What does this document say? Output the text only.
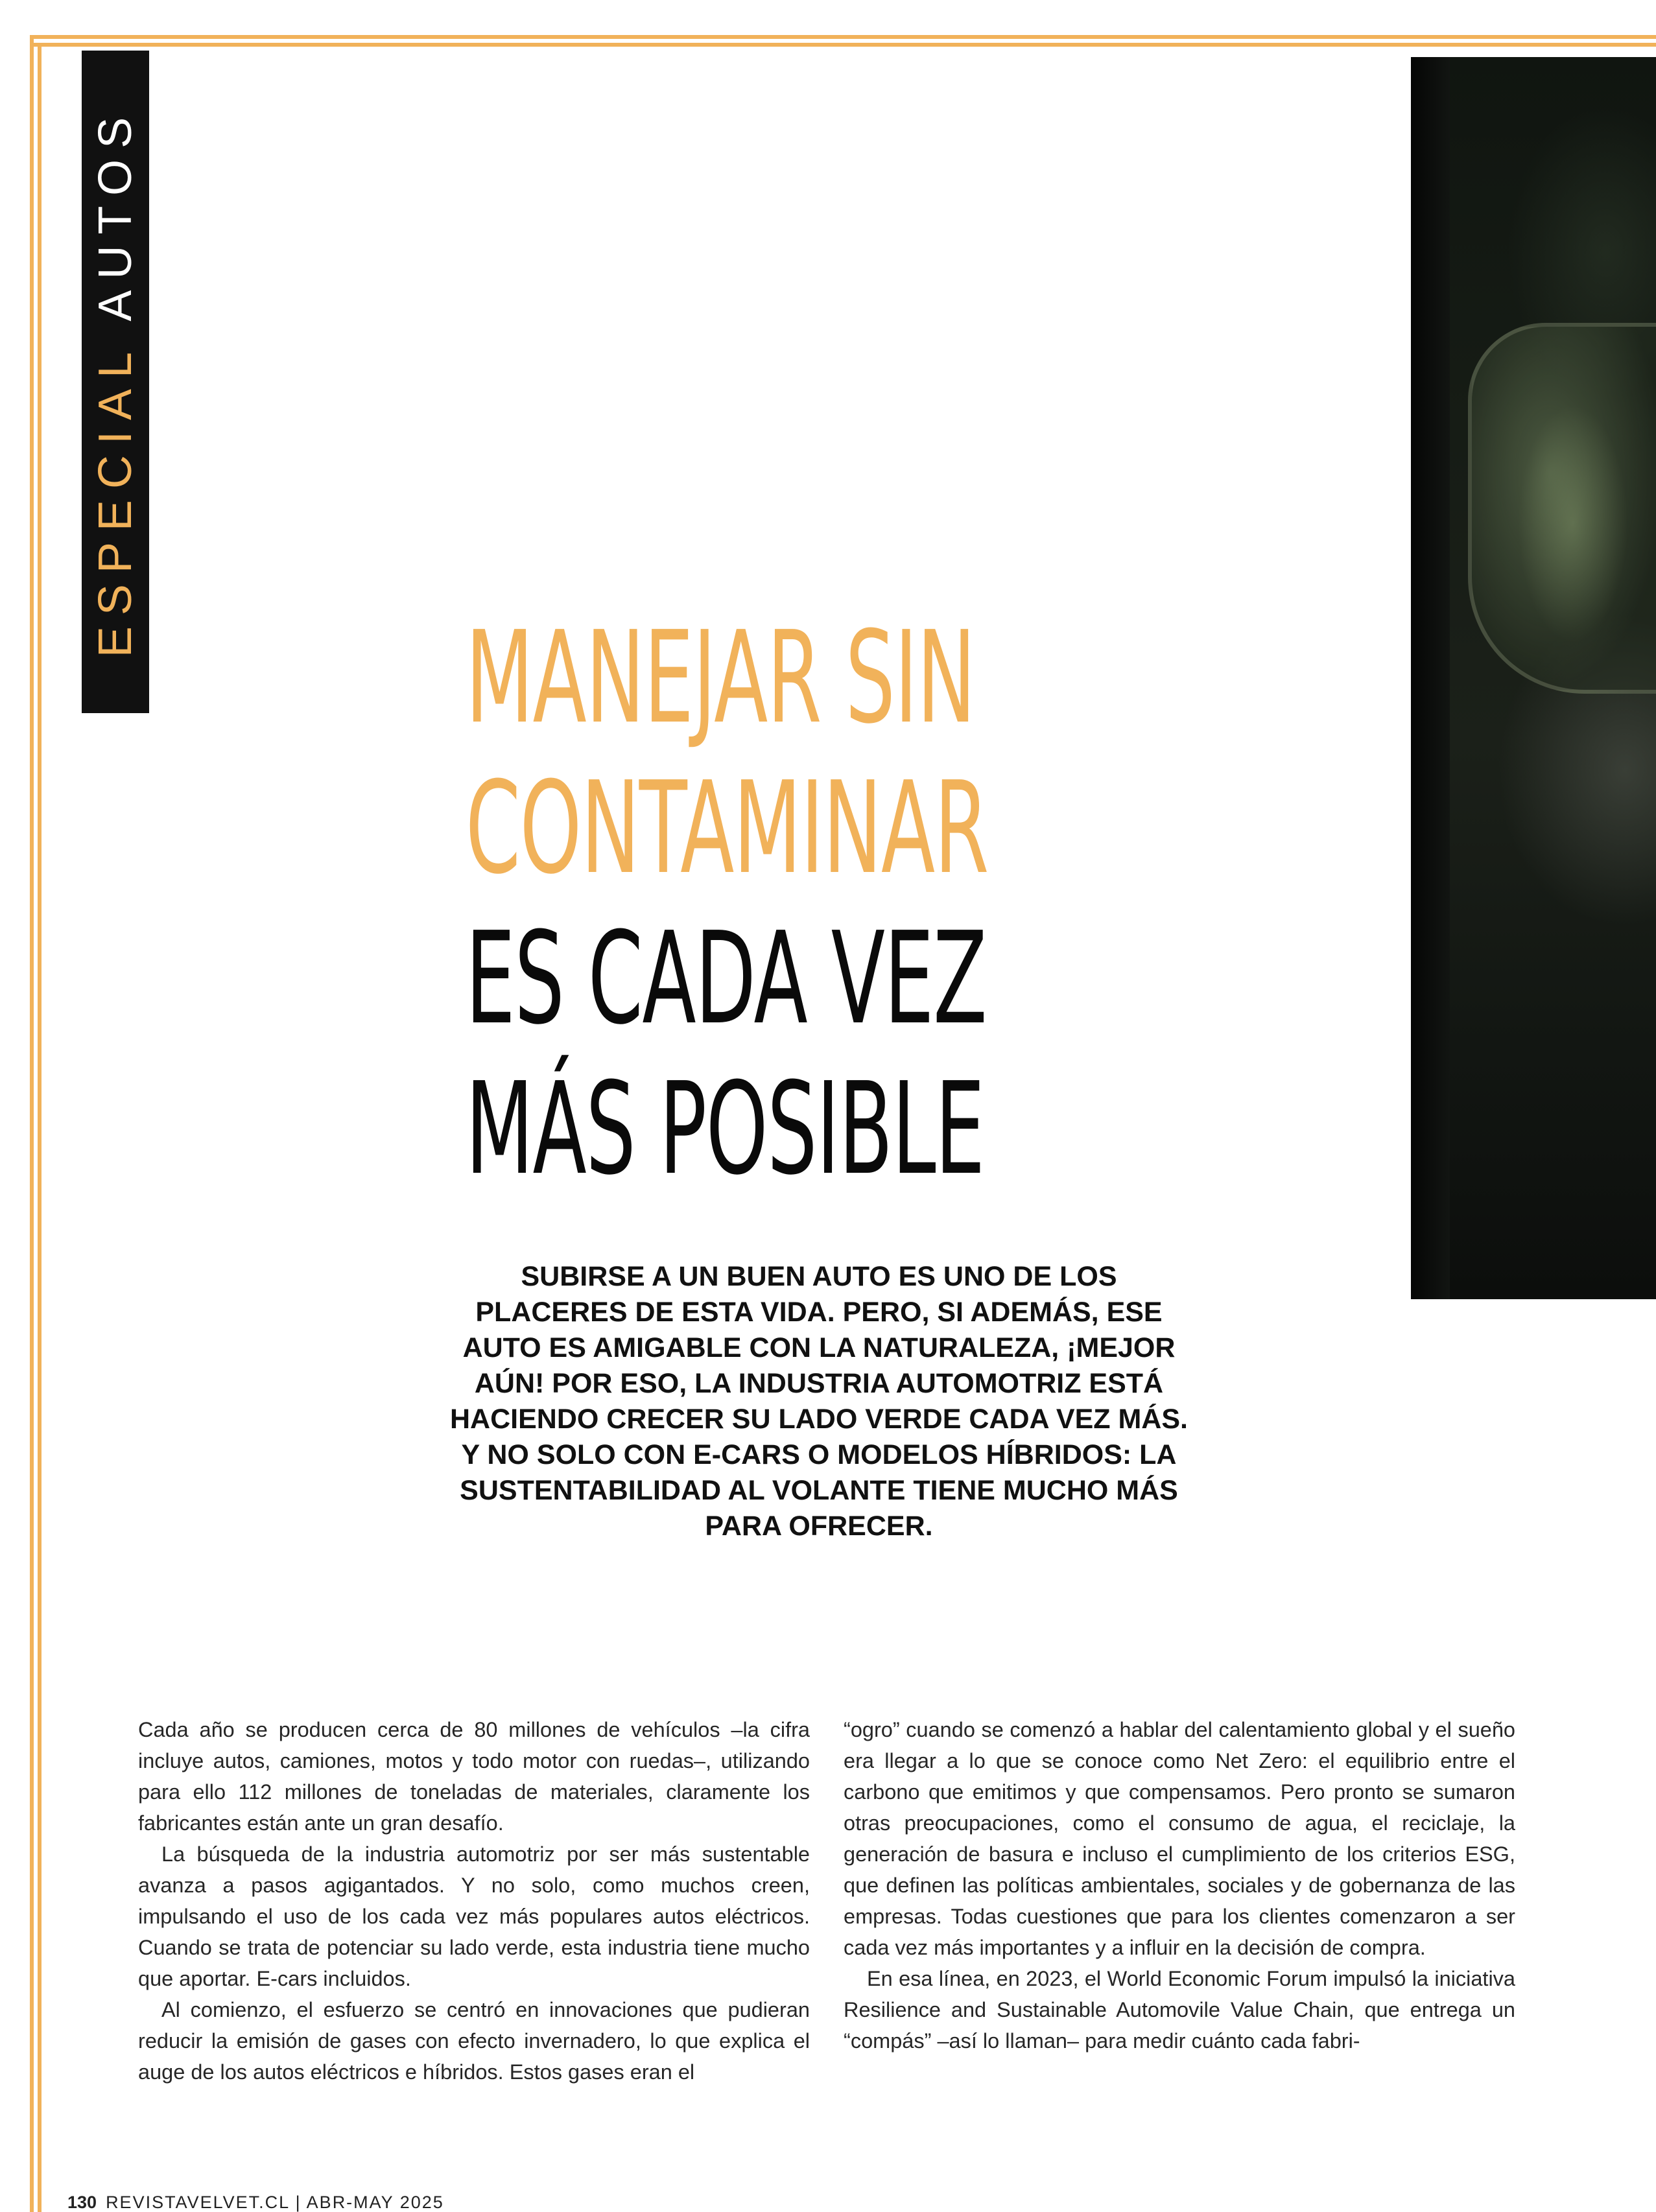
ESPECIAL AUTOS
MANEJAR SIN
CONTAMINAR
ES CADA VEZ
MÁS POSIBLE

SUBIRSE A UN BUEN AUTO ES UNO DE LOS PLACERES DE ESTA VIDA. PERO, SI ADEMÁS, ESE AUTO ES AMIGABLE CON LA NATURALEZA, ¡MEJOR AÚN! POR ESO, LA INDUSTRIA AUTOMOTRIZ ESTÁ HACIENDO CRECER SU LADO VERDE CADA VEZ MÁS. Y NO SOLO CON E-CARS O MODELOS HÍBRIDOS: LA SUSTENTABILIDAD AL VOLANTE TIENE MUCHO MÁS PARA OFRECER.

Cada año se producen cerca de 80 millones de vehículos –la cifra incluye autos, camiones, motos y todo motor con ruedas–, utilizando para ello 112 millones de toneladas de materiales, claramente los fabricantes están ante un gran desafío.

La búsqueda de la industria automotriz por ser más sustentable avanza a pasos agigantados. Y no solo, como muchos creen, impulsando el uso de los cada vez más populares autos eléctricos. Cuando se trata de potenciar su lado verde, esta industria tiene mucho que aportar. E-cars incluidos.

Al comienzo, el esfuerzo se centró en innovaciones que pudieran reducir la emisión de gases con efecto invernadero, lo que explica el auge de los autos eléctricos e híbridos. Estos gases eran el

“ogro” cuando se comenzó a hablar del calentamiento global y el sueño era llegar a lo que se conoce como Net Zero: el equilibrio entre el carbono que emitimos y que compensamos. Pero pronto se sumaron otras preocupaciones, como el consumo de agua, el reciclaje, la generación de basura e incluso el cumplimiento de los criterios ESG, que definen las políticas ambientales, sociales y de gobernanza de las empresas. Todas cuestiones que para los clientes comenzaron a ser cada vez más importantes y a influir en la decisión de compra.

En esa línea, en 2023, el World Economic Forum impulsó la iniciativa Resilience and Sustainable Automovile Value Chain, que entrega un “compás” –así lo llaman– para medir cuánto cada fabri-

130 REVISTAVELVET.CL | ABR-MAY 2025
